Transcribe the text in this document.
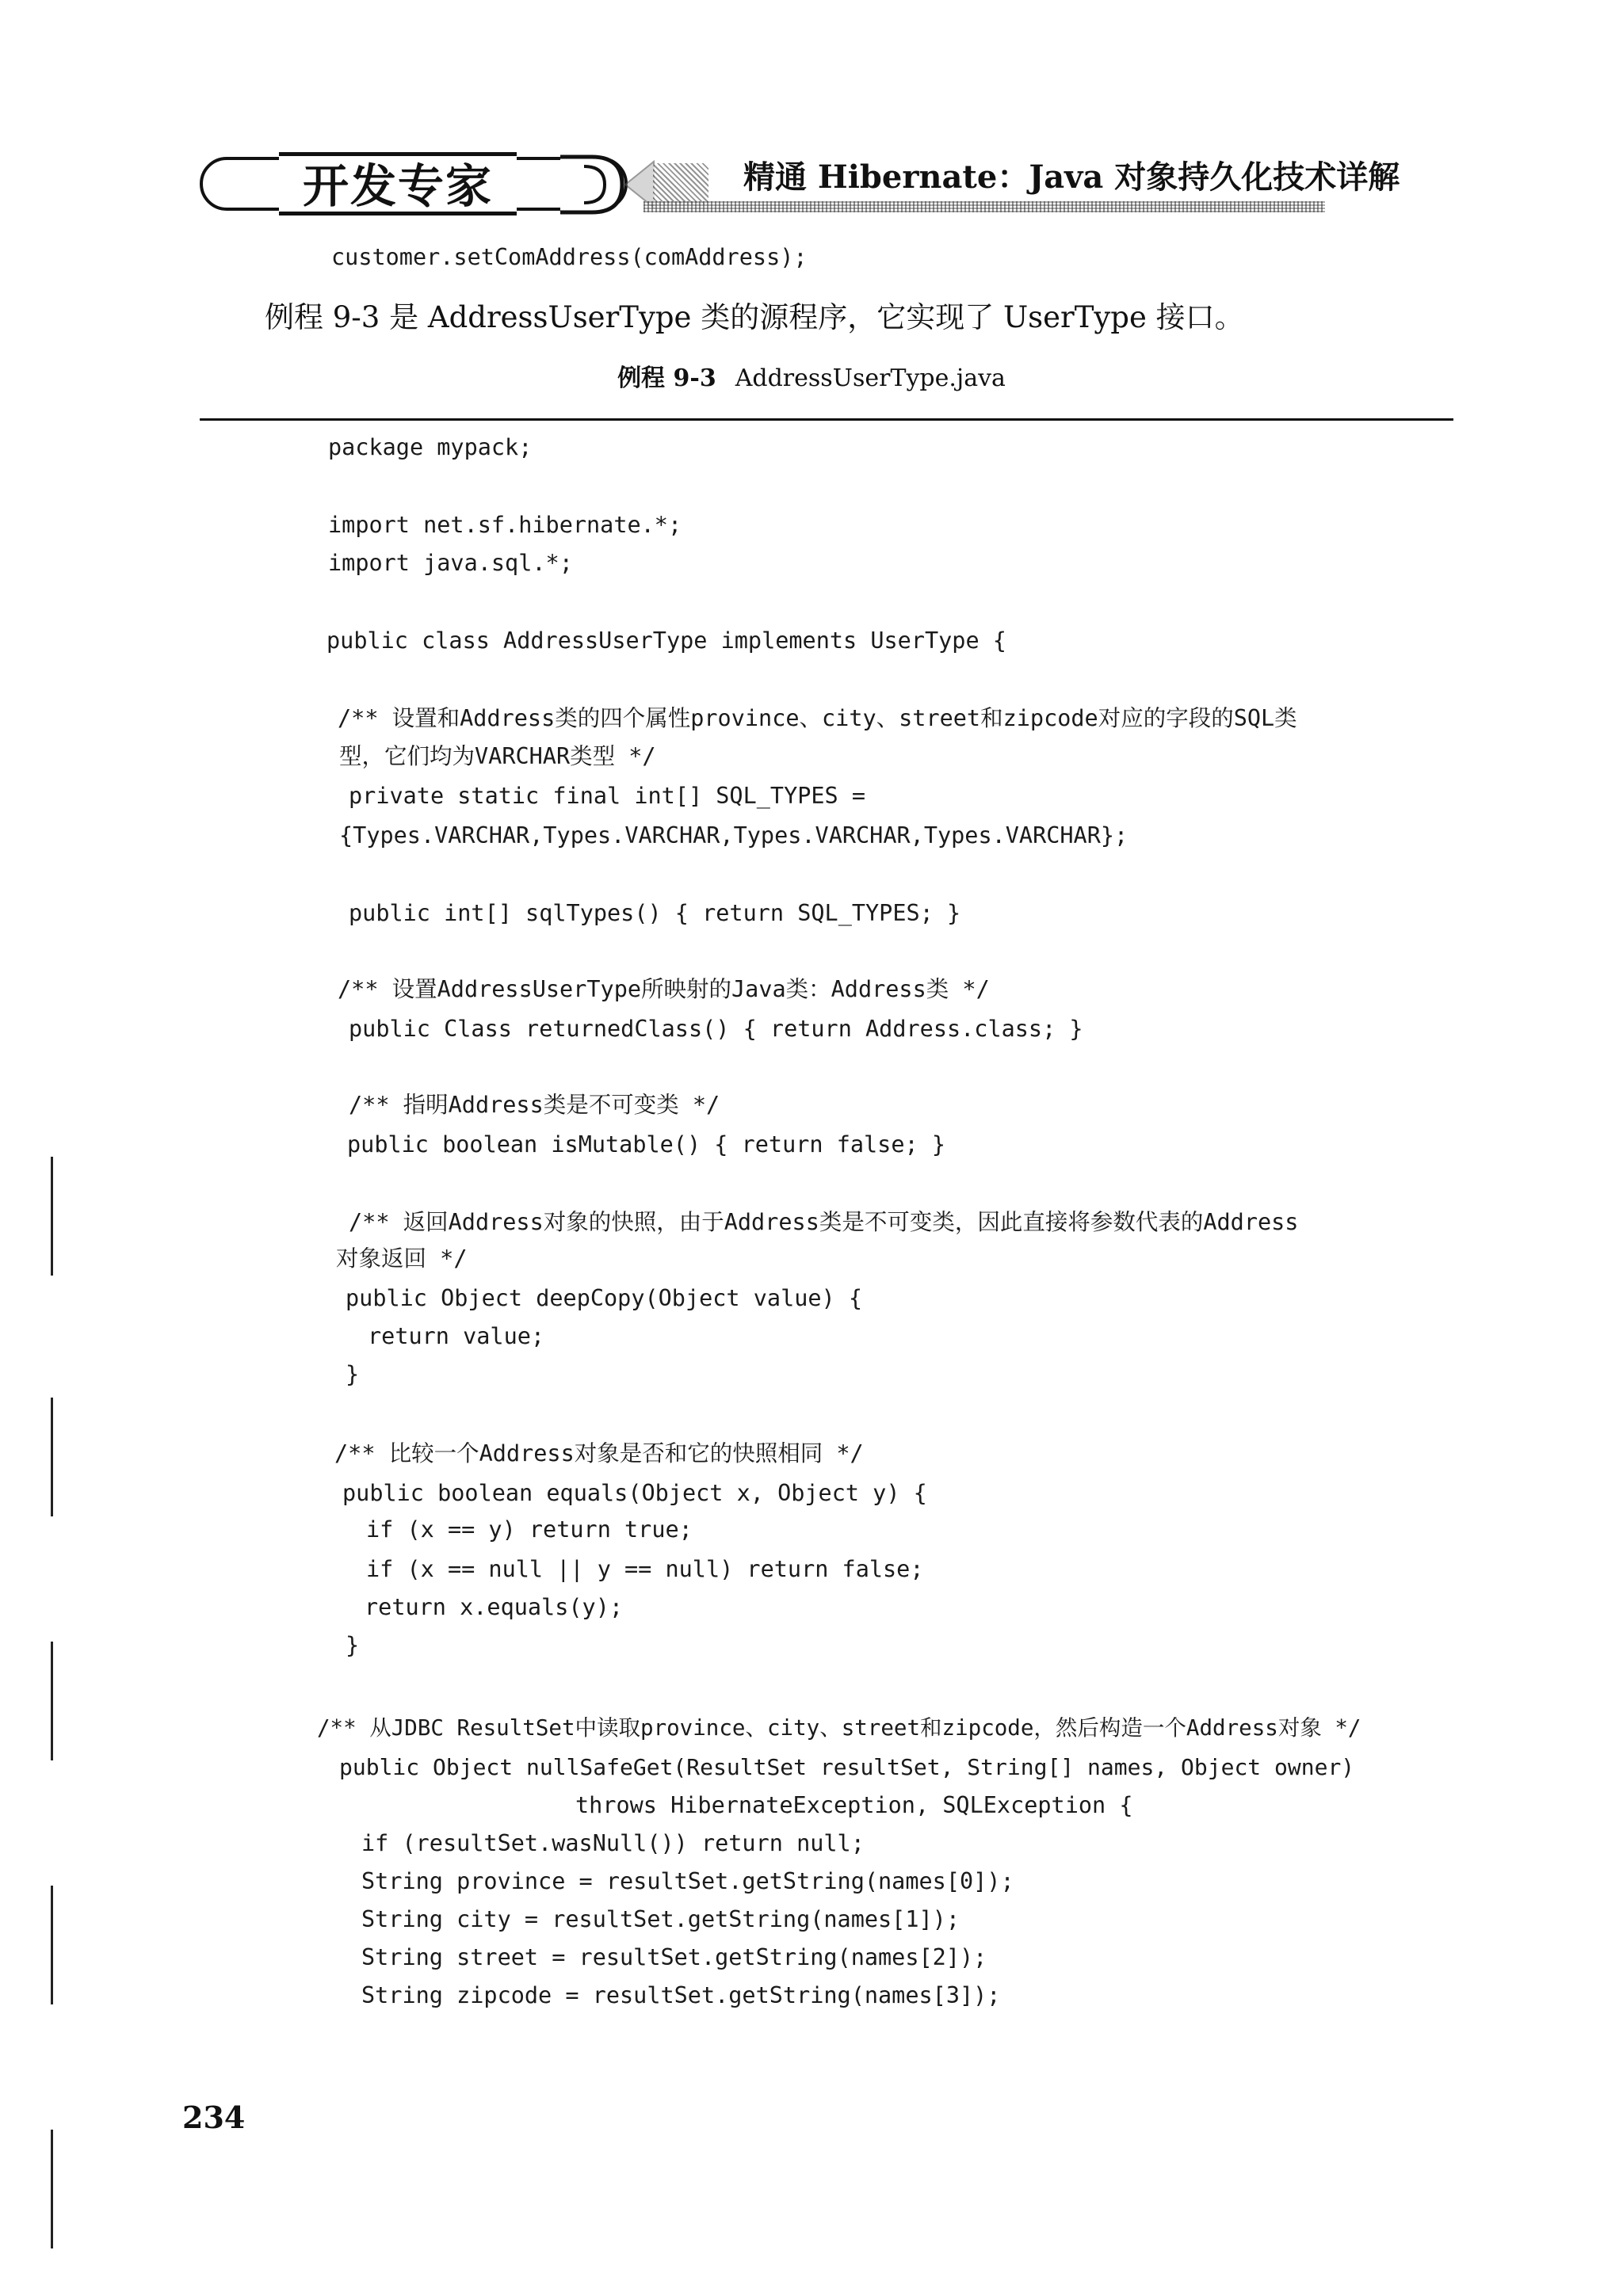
开发专家	精通 Hibernate：Java 对象持久化技术详解
customer.setComAddress(comAddress);
例程 9-3 是 AddressUserType 类的源程序，它实现了 UserType 接口。
例程 9-3 AddressUserType.java
package mypack;
import net.sf.hibernate.*;
import java.sql.*;
public class AddressUserType implements UserType {
/** 设置和Address类的四个属性province、city、street和zipcode对应的字段的SQL类
型，它们均为VARCHAR类型 */
private static final int[] SQL_TYPES =
{Types.VARCHAR,Types.VARCHAR,Types.VARCHAR,Types.VARCHAR};
public int[] sqlTypes() { return SQL_TYPES; }
/** 设置AddressUserType所映射的Java类：Address类 */
public Class returnedClass() { return Address.class; }
/** 指明Address类是不可变类 */
public boolean isMutable() { return false; }
/** 返回Address对象的快照，由于Address类是不可变类，因此直接将参数代表的Address
对象返回 */
public Object deepCopy(Object value) {
return value;
}
/** 比较一个Address对象是否和它的快照相同 */
public boolean equals(Object x, Object y) {
if (x == y) return true;
if (x == null || y == null) return false;
return x.equals(y);
}
/** 从JDBC ResultSet中读取province、city、street和zipcode，然后构造一个Address对象 */
public Object nullSafeGet(ResultSet resultSet, String[] names, Object owner)
throws HibernateException, SQLException {
if (resultSet.wasNull()) return null;
String province = resultSet.getString(names[0]);
String city = resultSet.getString(names[1]);
String street = resultSet.getString(names[2]);
String zipcode = resultSet.getString(names[3]);
234
